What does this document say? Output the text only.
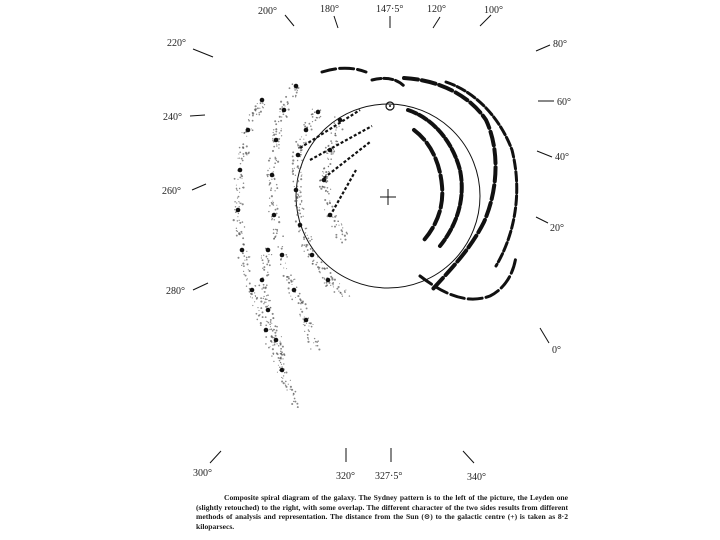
200°	180°	147·5° 120°	100°
220°	80°
240°
60°
40°
260°
20°
280°
0°
300°	320° 327·5°	340°

Composite spiral diagram of the galaxy. The Sydney pattern is to the left of the picture, the Leyden one (slightly retouched) to the right, with some overlap. The different character of the two sides results from different methods of analysis and representation. The distance from the Sun (⊙) to the galactic centre (+) is taken as 8·2 kiloparsecs.
